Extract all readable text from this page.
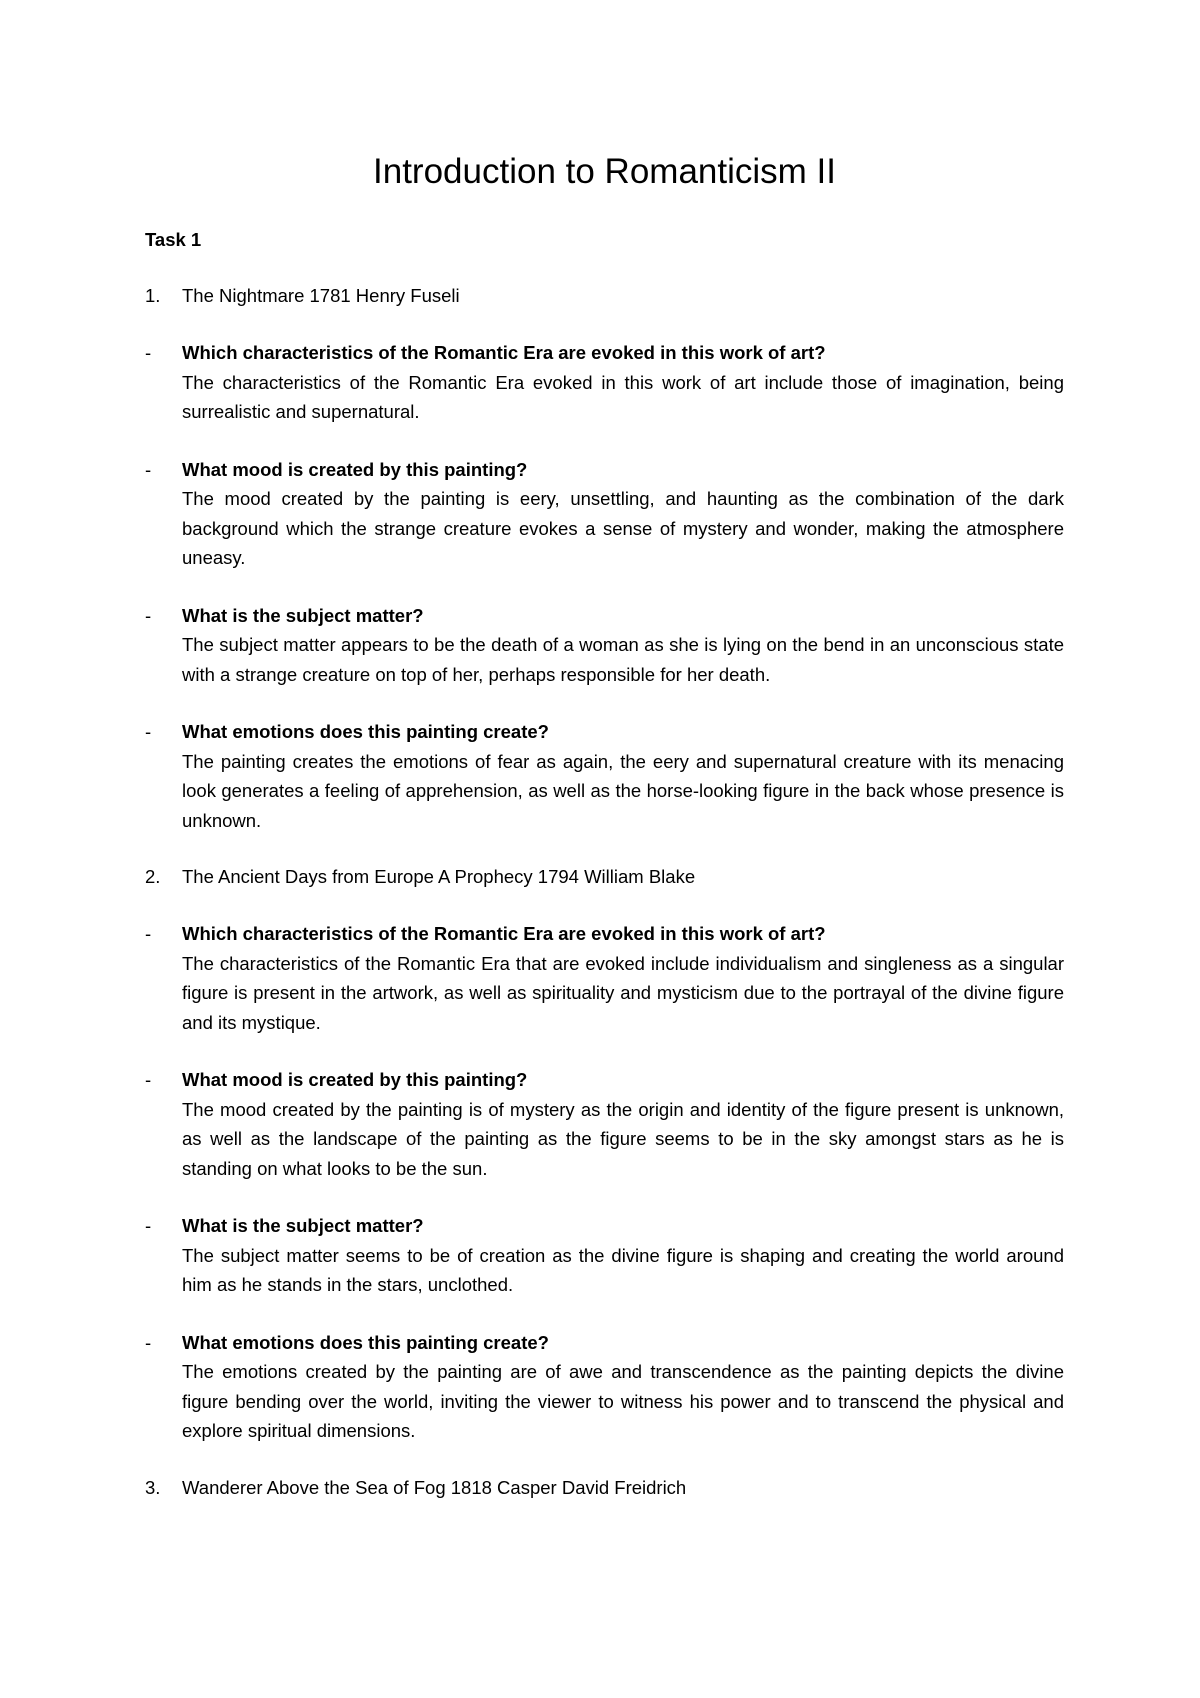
Introduction to Romanticism II
Task 1
1.	The Nightmare 1781 Henry Fuseli
-	Which characteristics of the Romantic Era are evoked in this work of art?
The characteristics of the Romantic Era evoked in this work of art include those of imagination, being surrealistic and supernatural.
-	What mood is created by this painting?
The mood created by the painting is eery, unsettling, and haunting as the combination of the dark background which the strange creature evokes a sense of mystery and wonder, making the atmosphere uneasy.
-	What is the subject matter?
The subject matter appears to be the death of a woman as she is lying on the bend in an unconscious state with a strange creature on top of her, perhaps responsible for her death.
-	What emotions does this painting create?
The painting creates the emotions of fear as again, the eery and supernatural creature with its menacing look generates a feeling of apprehension, as well as the horse-looking figure in the back whose presence is unknown.
2.	The Ancient Days from Europe A Prophecy 1794 William Blake
-	Which characteristics of the Romantic Era are evoked in this work of art?
The characteristics of the Romantic Era that are evoked include individualism and singleness as a singular figure is present in the artwork, as well as spirituality and mysticism due to the portrayal of the divine figure and its mystique.
-	What mood is created by this painting?
The mood created by the painting is of mystery as the origin and identity of the figure present is unknown, as well as the landscape of the painting as the figure seems to be in the sky amongst stars as he is standing on what looks to be the sun.
-	What is the subject matter?
The subject matter seems to be of creation as the divine figure is shaping and creating the world around him as he stands in the stars, unclothed.
-	What emotions does this painting create?
The emotions created by the painting are of awe and transcendence as the painting depicts the divine figure bending over the world, inviting the viewer to witness his power and to transcend the physical and explore spiritual dimensions.
3.	Wanderer Above the Sea of Fog 1818 Casper David Freidrich
